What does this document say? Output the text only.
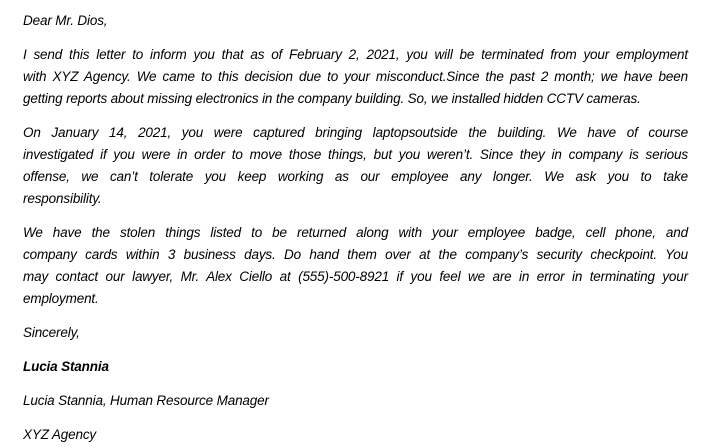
Dear Mr. Dios,
I send this letter to inform you that as of February 2, 2021, you will be terminated from your employment
with XYZ Agency. We came to this decision due to your misconduct.Since the past 2 month; we have been
getting reports about missing electronics in the company building. So, we installed hidden CCTV cameras.
On January 14, 2021, you were captured bringing laptopsoutside the building. We have of course
investigated if you were in order to move those things, but you weren’t. Since they in company is serious
offense, we can’t tolerate you keep working as our employee any longer. We ask you to take
responsibility.
We have the stolen things listed to be returned along with your employee badge, cell phone, and
company cards within 3 business days. Do hand them over at the company’s security checkpoint. You
may contact our lawyer, Mr. Alex Ciello at (555)-500-8921 if you feel we are in error in terminating your
employment.
Sincerely,
Lucia Stannia
Lucia Stannia, Human Resource Manager
XYZ Agency
